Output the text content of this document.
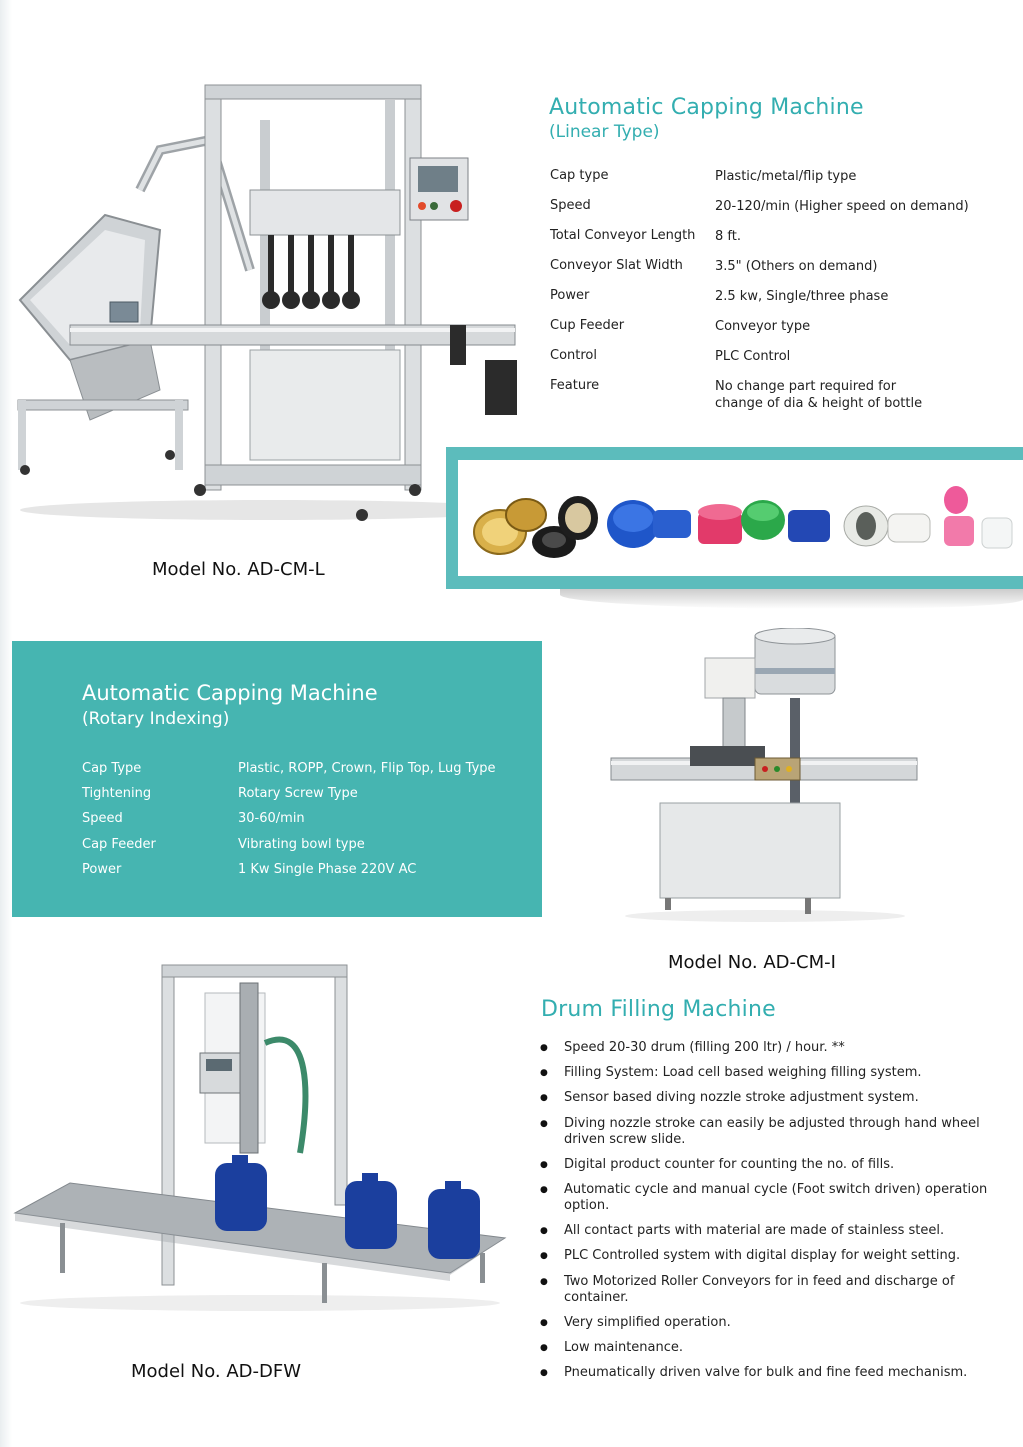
Automatic Capping Machine
(Linear Type)
Cap type	Plastic/metal/flip type
Speed	20-120/min (Higher speed on demand)
Total Conveyor Length	8 ft.
Conveyor Slat Width	3.5" (Others on demand)
Power	2.5 kw, Single/three phase
Cup Feeder	Conveyor type
Control	PLC Control
Feature	No change part required for change of dia & height of bottle
Model No. AD-CM-L
Automatic Capping Machine
(Rotary Indexing)
Cap Type	Plastic, ROPP, Crown, Flip Top, Lug Type
Tightening	Rotary Screw Type
Speed	30-60/min
Cap Feeder	Vibrating bowl type
Power	1 Kw Single Phase 220V AC
Model No. AD-CM-I
Model No. AD-DFW
Drum Filling Machine
● Speed 20-30 drum (filling 200 ltr) / hour. **
● Filling System: Load cell based weighing filling system.
● Sensor based diving nozzle stroke adjustment system.
● Diving nozzle stroke can easily be adjusted through hand wheel driven screw slide.
● Digital product counter for counting the no. of fills.
● Automatic cycle and manual cycle (Foot switch driven) operation option.
● All contact parts with material are made of stainless steel.
● PLC Controlled system with digital display for weight setting.
● Two Motorized Roller Conveyors for in feed and discharge of container.
● Very simplified operation.
● Low maintenance.
● Pneumatically driven valve for bulk and fine feed mechanism.
